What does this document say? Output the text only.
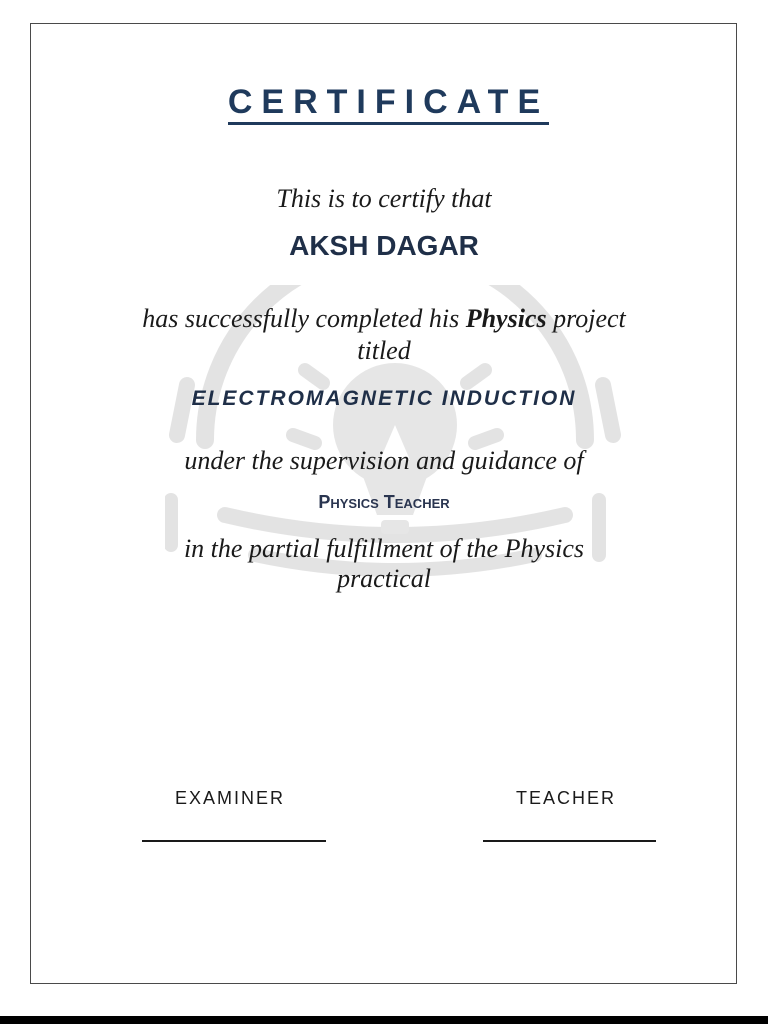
CERTIFICATE
This is to certify that
AKSH DAGAR
has successfully completed his Physics project
titled
ELECTROMAGNETIC INDUCTION
under the supervision and guidance of
Physics Teacher
in the partial fulfillment of the Physics
practical
EXAMINER	TEACHER
